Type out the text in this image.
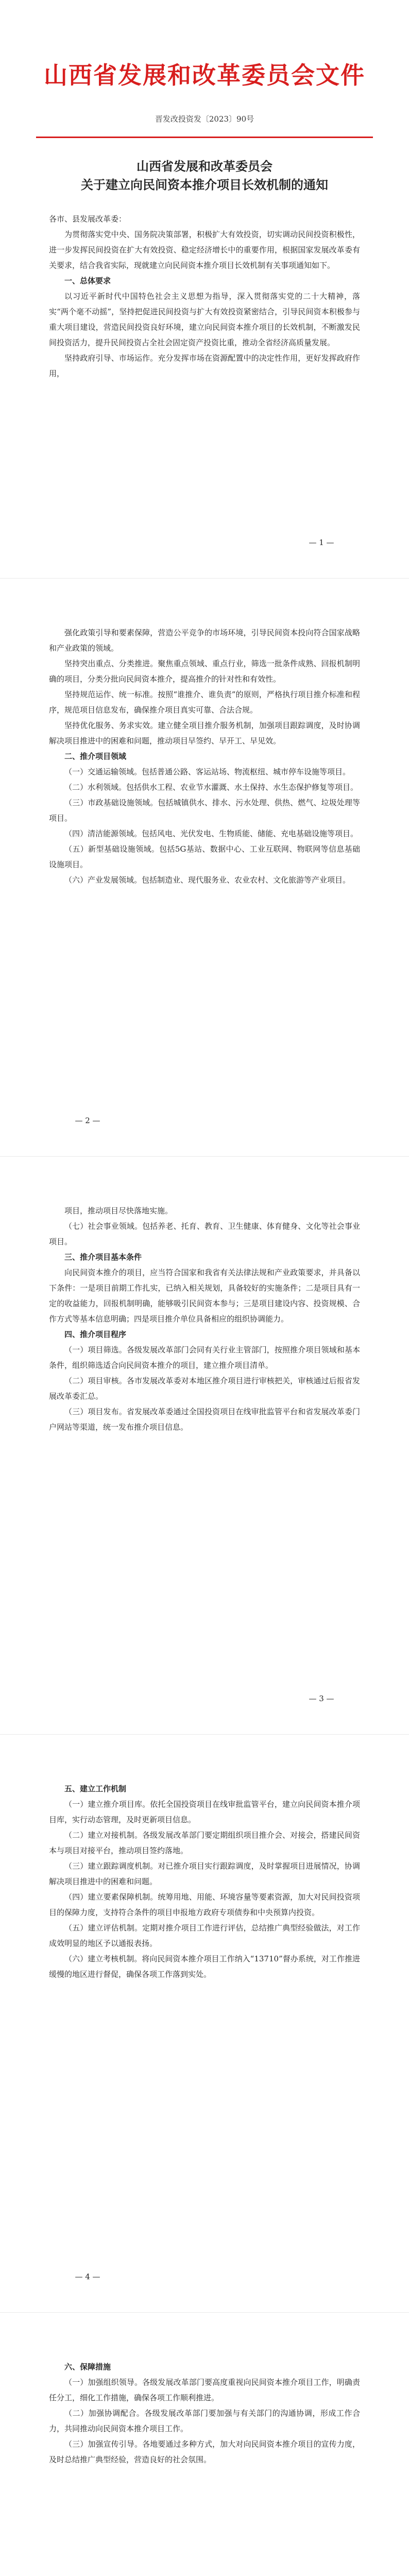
山西省发展和改革委员会文件
晋发改投资发〔2023〕90号
山西省发展和改革委员会
关于建立向民间资本推介项目长效机制的通知

各市、县发展改革委：

为贯彻落实党中央、国务院决策部署，积极扩大有效投资，切实调动民间投资积极性，进一步发挥民间投资在扩大有效投资、稳定经济增长中的重要作用，根据国家发展改革委有关要求，结合我省实际，现就建立向民间资本推介项目长效机制有关事项通知如下。

一、总体要求

以习近平新时代中国特色社会主义思想为指导，深入贯彻落实党的二十大精神，落实“两个毫不动摇”，坚持把促进民间投资与扩大有效投资紧密结合，引导民间资本积极参与重大项目建设，营造民间投资良好环境，建立向民间资本推介项目的长效机制，不断激发民间投资活力，提升民间投资占全社会固定资产投资比重，推动全省经济高质量发展。

坚持政府引导、市场运作。充分发挥市场在资源配置中的决定性作用，更好发挥政府作用，

— 1 —

强化政策引导和要素保障，营造公平竞争的市场环境，引导民间资本投向符合国家战略和产业政策的领域。

坚持突出重点、分类推进。聚焦重点领域、重点行业，筛选一批条件成熟、回报机制明确的项目，分类分批向民间资本推介，提高推介的针对性和有效性。

坚持规范运作、统一标准。按照“谁推介、谁负责”的原则，严格执行项目推介标准和程序，规范项目信息发布，确保推介项目真实可靠、合法合规。

坚持优化服务、务求实效。建立健全项目推介服务机制，加强项目跟踪调度，及时协调解决项目推进中的困难和问题，推动项目早签约、早开工、早见效。

二、推介项目领域

（一）交通运输领域。包括普通公路、客运站场、物流枢纽、城市停车设施等项目。

（二）水利领域。包括供水工程、农业节水灌溉、水土保持、水生态保护修复等项目。

（三）市政基础设施领域。包括城镇供水、排水、污水处理、供热、燃气、垃圾处理等项目。

（四）清洁能源领域。包括风电、光伏发电、生物质能、储能、充电基础设施等项目。

（五）新型基础设施领域。包括5G基站、数据中心、工业互联网、物联网等信息基础设施项目。

（六）产业发展领域。包括制造业、现代服务业、农业农村、文化旅游等产业项目。

— 2 —

项目，推动项目尽快落地实施。

（七）社会事业领域。包括养老、托育、教育、卫生健康、体育健身、文化等社会事业项目。

三、推介项目基本条件

向民间资本推介的项目，应当符合国家和我省有关法律法规和产业政策要求，并具备以下条件：一是项目前期工作扎实，已纳入相关规划，具备较好的实施条件；二是项目具有一定的收益能力，回报机制明确，能够吸引民间资本参与；三是项目建设内容、投资规模、合作方式等基本信息明确；四是项目推介单位具备相应的组织协调能力。

四、推介项目程序

（一）项目筛选。各级发展改革部门会同有关行业主管部门，按照推介项目领域和基本条件，组织筛选适合向民间资本推介的项目，建立推介项目清单。

（二）项目审核。各市发展改革委对本地区推介项目进行审核把关，审核通过后报省发展改革委汇总。

（三）项目发布。省发展改革委通过全国投资项目在线审批监管平台和省发展改革委门户网站等渠道，统一发布推介项目信息。

— 3 —

五、建立工作机制

（一）建立推介项目库。依托全国投资项目在线审批监管平台，建立向民间资本推介项目库，实行动态管理，及时更新项目信息。

（二）建立对接机制。各级发展改革部门要定期组织项目推介会、对接会，搭建民间资本与项目对接平台，推动项目签约落地。

（三）建立跟踪调度机制。对已推介项目实行跟踪调度，及时掌握项目进展情况，协调解决项目推进中的困难和问题。

（四）建立要素保障机制。统筹用地、用能、环境容量等要素资源，加大对民间投资项目的保障力度，支持符合条件的项目申报地方政府专项债券和中央预算内投资。

（五）建立评估机制。定期对推介项目工作进行评估，总结推广典型经验做法，对工作成效明显的地区予以通报表扬。

（六）建立考核机制。将向民间资本推介项目工作纳入“13710”督办系统，对工作推进缓慢的地区进行督促，确保各项工作落到实处。

— 4 —

六、保障措施

（一）加强组织领导。各级发展改革部门要高度重视向民间资本推介项目工作，明确责任分工，细化工作措施，确保各项工作顺利推进。

（二）加强协调配合。各级发展改革部门要加强与有关部门的沟通协调，形成工作合力，共同推动向民间资本推介项目工作。

（三）加强宣传引导。各地要通过多种方式，加大对向民间资本推介项目的宣传力度，及时总结推广典型经验，营造良好的社会氛围。
